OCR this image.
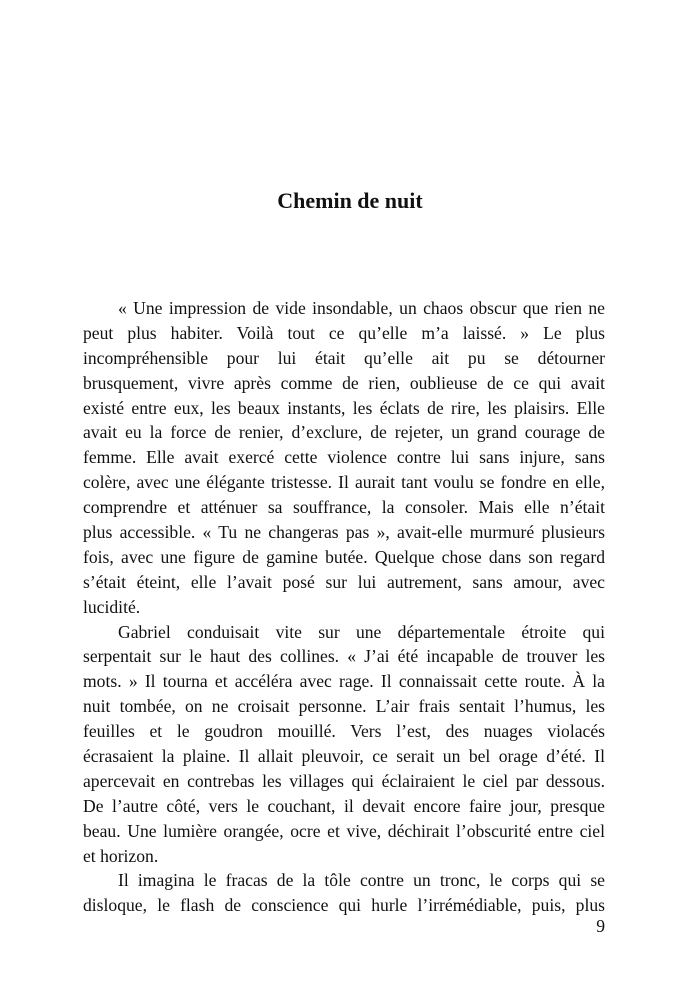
Chemin de nuit
« Une impression de vide insondable, un chaos obscur que rien ne
peut plus habiter. Voilà tout ce qu’elle m’a laissé. » Le plus
incompréhensible pour lui était qu’elle ait pu se détourner
brusquement, vivre après comme de rien, oublieuse de ce qui avait
existé entre eux, les beaux instants, les éclats de rire, les plaisirs. Elle
avait eu la force de renier, d’exclure, de rejeter, un grand courage de
femme. Elle avait exercé cette violence contre lui sans injure, sans
colère, avec une élégante tristesse. Il aurait tant voulu se fondre en elle,
comprendre et atténuer sa souffrance, la consoler. Mais elle n’était
plus accessible. « Tu ne changeras pas », avait-elle murmuré plusieurs
fois, avec une figure de gamine butée. Quelque chose dans son regard
s’était éteint, elle l’avait posé sur lui autrement, sans amour, avec
lucidité.
Gabriel conduisait vite sur une départementale étroite qui
serpentait sur le haut des collines. « J’ai été incapable de trouver les
mots. » Il tourna et accéléra avec rage. Il connaissait cette route. À la
nuit tombée, on ne croisait personne. L’air frais sentait l’humus, les
feuilles et le goudron mouillé. Vers l’est, des nuages violacés
écrasaient la plaine. Il allait pleuvoir, ce serait un bel orage d’été. Il
apercevait en contrebas les villages qui éclairaient le ciel par dessous.
De l’autre côté, vers le couchant, il devait encore faire jour, presque
beau. Une lumière orangée, ocre et vive, déchirait l’obscurité entre ciel
et horizon.
Il imagina le fracas de la tôle contre un tronc, le corps qui se
disloque, le flash de conscience qui hurle l’irrémédiable, puis, plus
9
